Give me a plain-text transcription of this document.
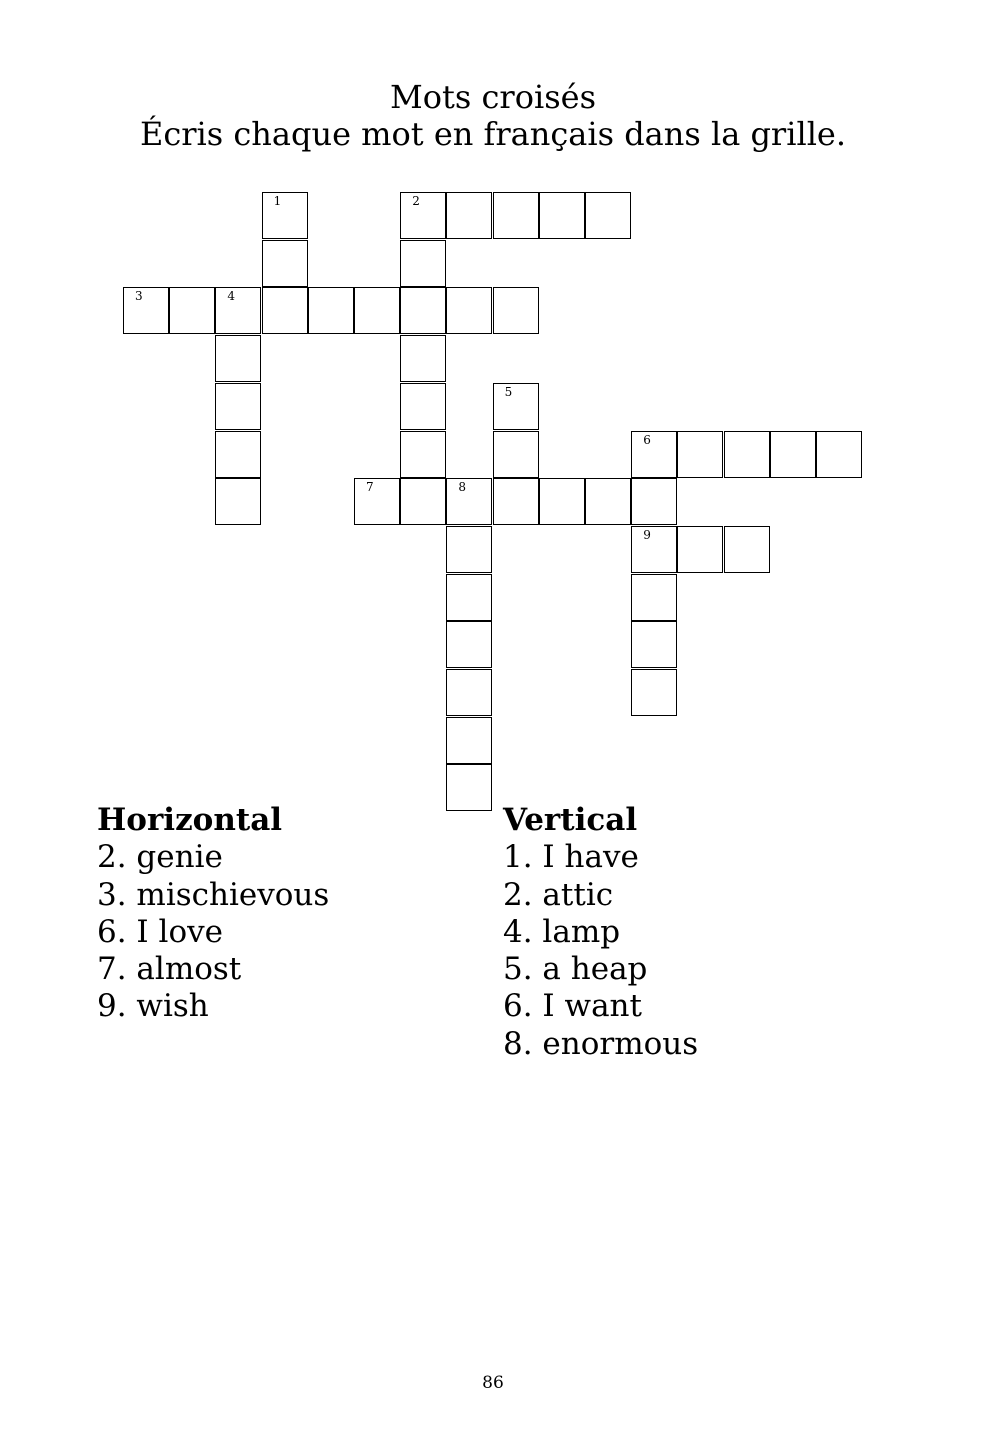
Mots croisés
Écris chaque mot en français dans la grille.
2
3	4
6
7	8
9
1
5
Horizontal
2. genie
3. mischievous
6. I love
7. almost
9. wish
Vertical
1. I have
2. attic
4. lamp
5. a heap
6. I want
8. enormous
86
